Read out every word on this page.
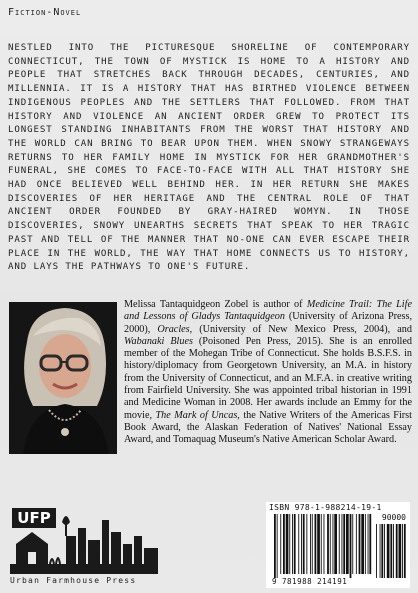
Fiction-Novel

NESTLED INTO THE PICTURESQUE SHORELINE OF CONTEMPORARY CONNECTICUT, THE TOWN OF MYSTICK IS HOME TO A HISTORY AND PEOPLE THAT STRETCHES BACK THROUGH DECADES, CENTURIES, AND MILLENNIA. IT IS A HISTORY THAT HAS BIRTHED VIOLENCE BETWEEN INDIGENOUS PEOPLES AND THE SETTLERS THAT FOLLOWED. FROM THAT HISTORY AND VIOLENCE AN ANCIENT ORDER GREW TO PROTECT ITS LONGEST STANDING INHABITANTS FROM THE WORST THAT HISTORY AND THE WORLD CAN BRING TO BEAR UPON THEM. WHEN SNOWY STRANGEWAYS RETURNS TO HER FAMILY HOME IN MYSTICK FOR HER GRANDMOTHER'S FUNERAL, SHE COMES TO FACE-TO-FACE WITH ALL THAT HISTORY SHE HAD ONCE BELIEVED WELL BEHIND HER. IN HER RETURN SHE MAKES DISCOVERIES OF HER HERITAGE AND THE CENTRAL ROLE OF THAT ANCIENT ORDER FOUNDED BY GRAY-HAIRED WOMYN. IN THOSE DISCOVERIES, SNOWY UNEARTHS SECRETS THAT SPEAK TO HER TRAGIC PAST AND TELL OF THE MANNER THAT NO-ONE CAN EVER ESCAPE THEIR PLACE IN THE WORLD, THE WAY THAT HOME CONNECTS US TO HISTORY, AND LAYS THE PATHWAYS TO ONE'S FUTURE.

Melissa Tantaquidgeon Zobel is author of Medicine Trail: The Life and Lessons of Gladys Tantaquidgeon (University of Arizona Press, 2000), Oracles, (University of New Mexico Press, 2004), and Wabanaki Blues (Poisoned Pen Press, 2015). She is an enrolled member of the Mohegan Tribe of Connecticut. She holds B.S.F.S. in history/diplomacy from Georgetown University, an M.A. in history from the University of Connecticut, and an M.F.A. in creative writing from Fairfield University. She was appointed tribal historian in 1991 and Medicine Woman in 2008. Her awards include an Emmy for the movie, The Mark of Uncas, the Native Writers of the Americas First Book Award, the Alaskan Federation of Natives' National Essay Award, and Tomaquag Museum's Native American Scholar Award.

UFP
Urban Farmhouse Press
ISBN 978-1-988214-19-1
90000
9 781988 214191
